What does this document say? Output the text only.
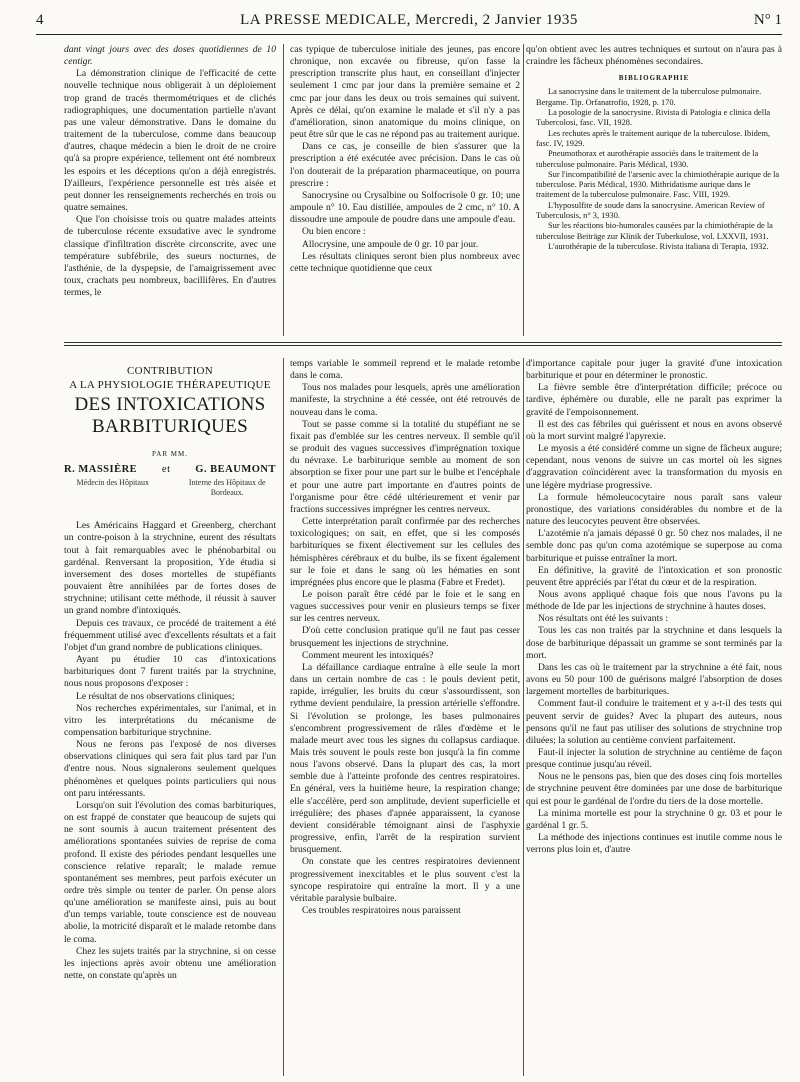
4	LA PRESSE MEDICALE, Mercredi, 2 Janvier 1935	N° 1

dant vingt jours avec des doses quotidiennes de 10 centigr.

La démonstration clinique de l'efficacité de cette nouvelle technique nous obligerait à un déploiement trop grand de tracés thermométriques et de clichés radiographiques, une documentation partielle n'avant pas une valeur démonstrative. Dans le domaine du traitement de la tuberculose, comme dans beaucoup d'autres, chaque médecin a bien le droit de ne croire qu'à sa propre expérience, tellement ont été nombreux les espoirs et les déceptions qu'on a déjà enregistrés. D'ailleurs, l'expérience personnelle est très aisée et peut donner les renseignements recherchés en trois ou quatre semaines.

Que l'on choisisse trois ou quatre malades atteints de tuberculose récente exsudative avec le syndrome classique d'infiltration discrète circonscrite, avec une température subfébrile, des sueurs nocturnes, de l'asthénie, de la dyspepsie, de l'amaigrissement avec toux, crachats peu nombreux, bacillifères. En d'autres termes, le

cas typique de tuberculose initiale des jeunes, pas encore chronique, non excavée ou fibreuse, qu'on fasse la prescription transcrite plus haut, en conseillant d'injecter seulement 1 cmc par jour dans la première semaine et 2 cmc par jour dans les deux ou trois semaines qui suivent. Après ce délai, qu'on examine le malade et s'il n'y a pas d'amélioration, sinon anatomique du moins clinique, on peut être sûr que le cas ne répond pas au traitement aurique.

Dans ce cas, je conseille de bien s'assurer que la prescription a été exécutée avec précision. Dans le cas où l'on douterait de la préparation pharmaceutique, on pourra prescrire :

Sanocrysine ou Crysalbine ou Solfocrisole 0 gr. 10; une ampoule n° 10. Eau distillée, ampoules de 2 cmc, n° 10. A dissoudre une ampoule de poudre dans une ampoule d'eau.

Ou bien encore :

Allocrysine, une ampoule de 0 gr. 10 par jour.

Les résultats cliniques seront bien plus nombreux avec cette technique quotidienne que ceux

qu'on obtient avec les autres techniques et surtout on n'aura pas à craindre les fâcheux phénomènes secondaires.

BIBLIOGRAPHIE

La sanocrysine dans le traitement de la tuberculose pulmonaire. Bergame. Tip. Orfanatrofio, 1928, p. 170.

La posologie de la sanocrysine. Rivista di Patologia e clinica della Tubercolosi, fasc. VII, 1928.

Les rechutes après le traitement aurique de la tuberculose. Ibidem, fasc. IV, 1929.

Pneumothorax et aurothérapie associés dans le traitement de la tuberculose pulmonaire. Paris Médical, 1930.

Sur l'incompatibilité de l'arsenic avec la chimiothérapie aurique de la tuberculose. Paris Médical, 1930. Mithridatisme aurique dans le traitement de la tuberculose pulmonaire. Fasc. VIII, 1929.

L'hyposulfite de soude dans la sanocrysine. American Review of Tuberculosis, n° 3, 1930.

Sur les réactions bio-humorales causées par la chimiothérapie de la tuberculose Beiträge zur Klinik der Tuberkulose, vol. LXXVII, 1931.

L'aurothérapie de la tuberculose. Rivista italiana di Terapia, 1932.

CONTRIBUTION
A LA PHYSIOLOGIE THÉRAPEUTIQUE
DES INTOXICATIONS
BARBITURIQUES
PAR MM.
R. MASSIÈRE et G. BEAUMONT
Médecin des Hôpitaux	Interne des Hôpitaux de Bordeaux.

Les Américains Haggard et Greenberg, cherchant un contre-poison à la strychnine, eurent des résultats tout à fait remarquables avec le phénobarbital ou gardénal. Renversant la proposition, Yde étudia si inversement des doses mortelles de stupéfiants pouvaient être annihilées par de fortes doses de strychnine; utilisant cette méthode, il réussit à sauver un grand nombre d'intoxiqués.

Depuis ces travaux, ce procédé de traitement a été fréquemment utilisé avec d'excellents résultats et a fait l'objet d'un grand nombre de publications cliniques.

Ayant pu étudier 10 cas d'intoxications barbituriques dont 7 furent traités par la strychnine, nous nous proposons d'exposer :

Le résultat de nos observations cliniques;

Nos recherches expérimentales, sur l'animal, et in vitro les interprétations du mécanisme de compensation barbiturique strychnine.

Nous ne ferons pas l'exposé de nos diverses observations cliniques qui sera fait plus tard par l'un d'entre nous. Nous signalerons seulement quelques phénomènes et quelques points particuliers qui nous ont paru intéressants.

Lorsqu'on suit l'évolution des comas barbituriques, on est frappé de constater que beaucoup de sujets qui ne sont soumis à aucun traitement présentent des améliorations spontanées suivies de reprise de coma profond. Il existe des périodes pendant lesquelles une conscience relative reparaît; le malade remue spontanément ses membres, peut parfois exécuter un ordre très simple ou tenter de parler. On pense alors qu'une amélioration se manifeste ainsi, puis au bout d'un temps variable, toute conscience est de nouveau abolie, la motricité disparaît et le malade retombe dans le coma.

Chez les sujets traités par la strychnine, si on cesse les injections après avoir obtenu une amélioration nette, on constate qu'après un

temps variable le sommeil reprend et le malade retombe dans le coma.

Tous nos malades pour lesquels, après une amélioration manifeste, la strychnine a été cessée, ont été retrouvés de nouveau dans le coma.

Tout se passe comme si la totalité du stupéfiant ne se fixait pas d'emblée sur les centres nerveux. Il semble qu'il se produit des vagues successives d'imprégnation toxique du névraxe. Le barbiturique semble au moment de son absorption se fixer pour une part sur le bulbe et l'encéphale et pour une autre part importante en d'autres points de l'organisme pour être cédé ultérieurement et venir par fractions successives imprégner les centres nerveux.

Cette interprétation paraît confirmée par des recherches toxicologiques; on sait, en effet, que si les composés barbituriques se fixent électivement sur les cellules des hémisphères cérébraux et du bulbe, ils se fixent également sur le foie et dans le sang où les hématies en sont imprégnées plus encore que le plasma (Fabre et Fredet).

Le poison paraît être cédé par le foie et le sang en vagues successives pour venir en plusieurs temps se fixer sur les centres nerveux.

D'où cette conclusion pratique qu'il ne faut pas cesser brusquement les injections de strychnine.

Comment meurent les intoxiqués?

La défaillance cardiaque entraîne à elle seule la mort dans un certain nombre de cas : le pouls devient petit, rapide, irrégulier, les bruits du cœur s'assourdissent, son rythme devient pendulaire, la pression artérielle s'effondre. Si l'évolution se prolonge, les bases pulmonaires s'encombrent progressivement de râles d'œdème et le malade meurt avec tous les signes du collapsus cardiaque. Mais très souvent le pouls reste bon jusqu'à la fin comme nous l'avons observé. Dans la plupart des cas, la mort semble due à l'atteinte profonde des centres respiratoires. En général, vers la huitième heure, la respiration change; elle s'accélère, perd son amplitude, devient superficielle et irrégulière; des phases d'apnée apparaissent, la cyanose devient considérable témoignant ainsi de l'asphyxie progressive, enfin, l'arrêt de la respiration survient brusquement.

On constate que les centres respiratoires deviennent progressivement inexcitables et le plus souvent c'est la syncope respiratoire qui entraîne la mort. Il y a une véritable paralysie bulbaire.

Ces troubles respiratoires nous paraissent

d'importance capitale pour juger la gravité d'une intoxication barbiturique et pour en déterminer le pronostic.

La fièvre semble être d'interprétation difficile; précoce ou tardive, éphémère ou durable, elle ne paraît pas exprimer la gravité de l'empoisonnement.

Il est des cas fébriles qui guérissent et nous en avons observé où la mort survint malgré l'apyrexie.

Le myosis a été considéré comme un signe de fâcheux augure; cependant, nous venons de suivre un cas mortel où les signes d'aggravation coïncidèrent avec la transformation du myosis en une légère mydriase progressive.

La formule hémoleucocytaire nous paraît sans valeur pronostique, des variations considérables du nombre et de la nature des leucocytes peuvent être observées.

L'azotémie n'a jamais dépassé 0 gr. 50 chez nos malades, il ne semble donc pas qu'un coma azotémique se superpose au coma barbiturique et puisse entraîner la mort.

En définitive, la gravité de l'intoxication et son pronostic peuvent être appréciés par l'état du cœur et de la respiration.

Nous avons appliqué chaque fois que nous l'avons pu la méthode de Ide par les injections de strychnine à hautes doses.

Nos résultats ont été les suivants :

Tous les cas non traités par la strychnine et dans lesquels la dose de barbiturique dépassait un gramme se sont terminés par la mort.

Dans les cas où le traitement par la strychnine a été fait, nous avons eu 50 pour 100 de guérisons malgré l'absorption de doses largement mortelles de barbituriques.

Comment faut-il conduire le traitement et y a-t-il des tests qui peuvent servir de guides? Avec la plupart des auteurs, nous pensons qu'il ne faut pas utiliser des solutions de strychnine trop diluées; la solution au centième convient parfaitement.

Faut-il injecter la solution de strychnine au centième de façon presque continue jusqu'au réveil.

Nous ne le pensons pas, bien que des doses cinq fois mortelles de strychnine peuvent être dominées par une dose de barbiturique qui est pour le gardénal de l'ordre du tiers de la dose mortelle.

La minima mortelle est pour la strychnine 0 gr. 03 et pour le gardénal 1 gr. 5.

La méthode des injections continues est inutile comme nous le verrons plus loin et, d'autre
